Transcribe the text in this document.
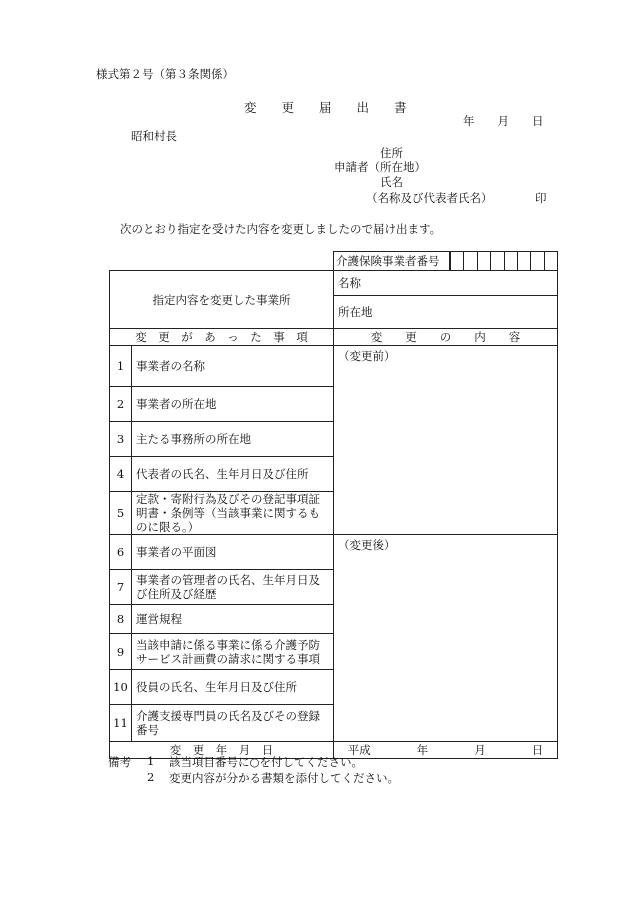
様式第２号（第３条関係）
変　　更　　届　　出　　書
年　　月　　日
昭和村長
住所
申請者（所在地）
氏名
（名称及び代表者氏名）	印
次のとおり指定を受けた内容を変更しましたので届け出ます。
		介護保険事業者番号	

指定内容を変更した事業所		名称	
		所在地	
変　更　が　あ　っ　た　事　項		変　　更　　の　　内　　容	
1	事業者の名称	（変更前）	
2	事業者の所在地		
3	主たる事務所の所在地		
4	代表者の氏名、生年月日及び住所		
5	定款・寄附行為及びその登記事項証明書・条例等（当該事業に関するものに限る。）		
6	事業者の平面図	（変更後）	
7	事業者の管理者の氏名、生年月日及び住所及び経歴		
8	運営規程		
9	当該申請に係る事業に係る介護予防サービス計画費の請求に関する事項		
10	役員の氏名、生年月日及び住所		
11	介護支援専門員の氏名及びその登録番号		
変　更　年　月　日		平成　　　　年　　　　月　　　　日	
備考 1 該当項目番号に○を付してください。
2 変更内容が分かる書類を添付してください。
